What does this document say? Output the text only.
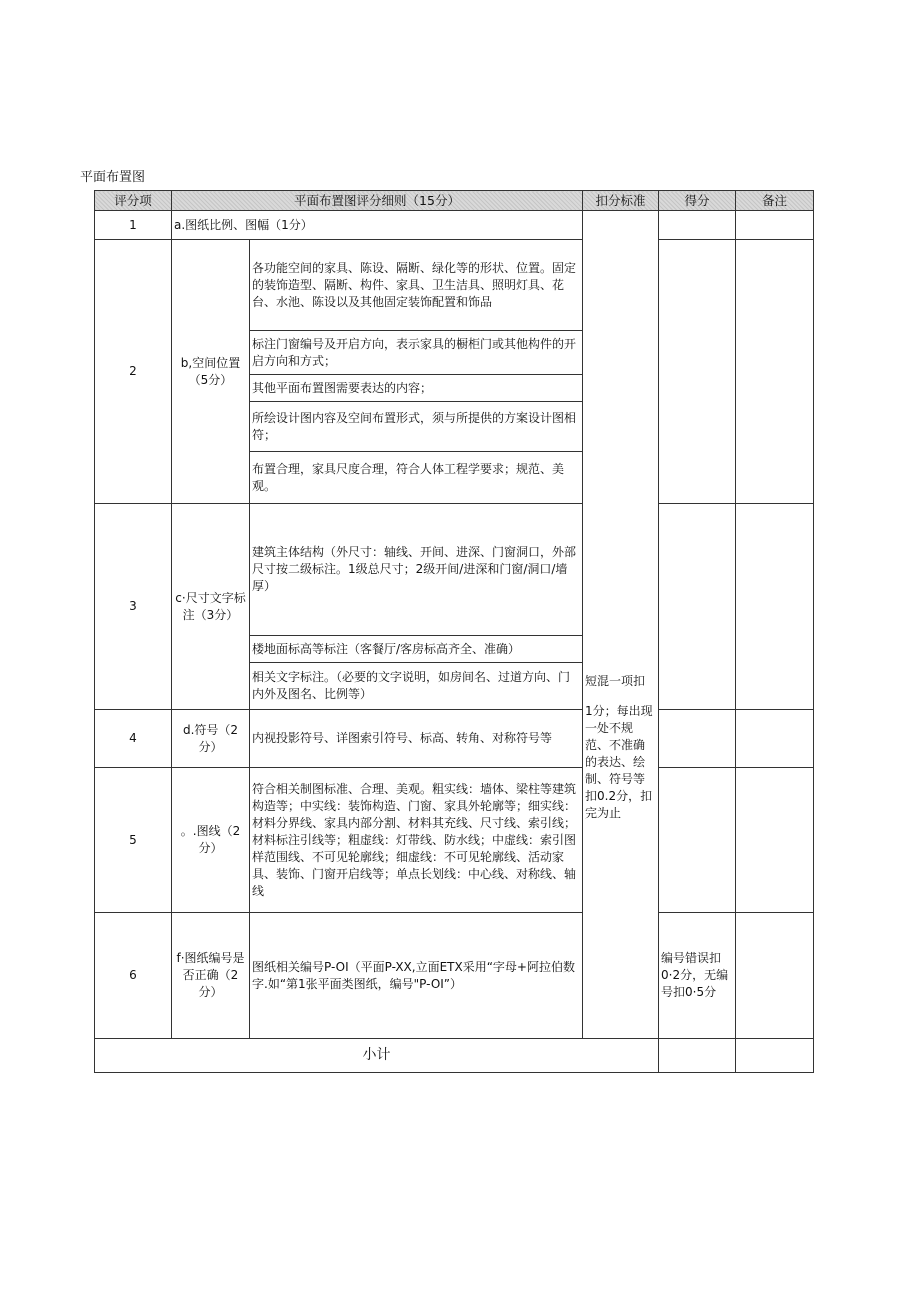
平面布置图
评分项	平面布置图评分细则（15分）		扣分标准	得分	备注	
1	a.图纸比例、图幅（1分）		短混一项扣
1分；每出现一处不规范、不准确的表达、绘制、符号等扣0.2分，扣完为止			

2	b,空间位置（5分）	各功能空间的家具、陈设、隔断、绿化等的形状、位置。固定的装饰造型、隔断、构件、家具、卫生洁具、照明灯具、花台、水池、陈设以及其他固定装饰配置和饰品				
		标注门窗编号及开启方向，表示家具的橱柜门或其他构件的开启方向和方式；				
		其他平面布置图需要表达的内容；				
		所绘设计图内容及空间布置形式，须与所提供的方案设计图相符；				
		布置合理，家具尺度合理，符合人体工程学要求；规范、美观。				
3	c·尺寸文字标注（3分）	建筑主体结构（外尺寸：轴线、开间、进深、门窗洞口，外部尺寸按二级标注。1级总尺寸；2级开间/进深和门窗/洞口/墙厚）				
		楼地面标高等标注（客餐厅/客房标高齐全、准确）				
		相关文字标注。（必要的文字说明，如房间名、过道方向、门内外及图名、比例等）				
4	d.符号（2分）	内视投影符号、详图索引符号、标高、转角、对称符号等				
5	。.图线（2分）	符合相关制图标准、合理、美观。粗实线：墙体、梁柱等建筑构造等；中实线：装饰构造、门窗、家具外轮廓等；细实线：材料分界线、家具内部分割、材料其充线、尺寸线、索引线；材料标注引线等；粗虚线：灯带线、防水线；中虚线：索引图样范围线、不可见轮廓线；细虚线：不可见轮廓线、活动家具、装饰、门窗开启线等；单点长划线：中心线、对称线、轴线				
6	f·图纸编号是否正确（2分）	图纸相关编号P-OI（平面P-XX,立面ETX采用“字母+阿拉伯数字.如“第1张平面类图纸，编号"P-OI”）		编号错误扣0·2分，无编号扣0·5分		
小计						
